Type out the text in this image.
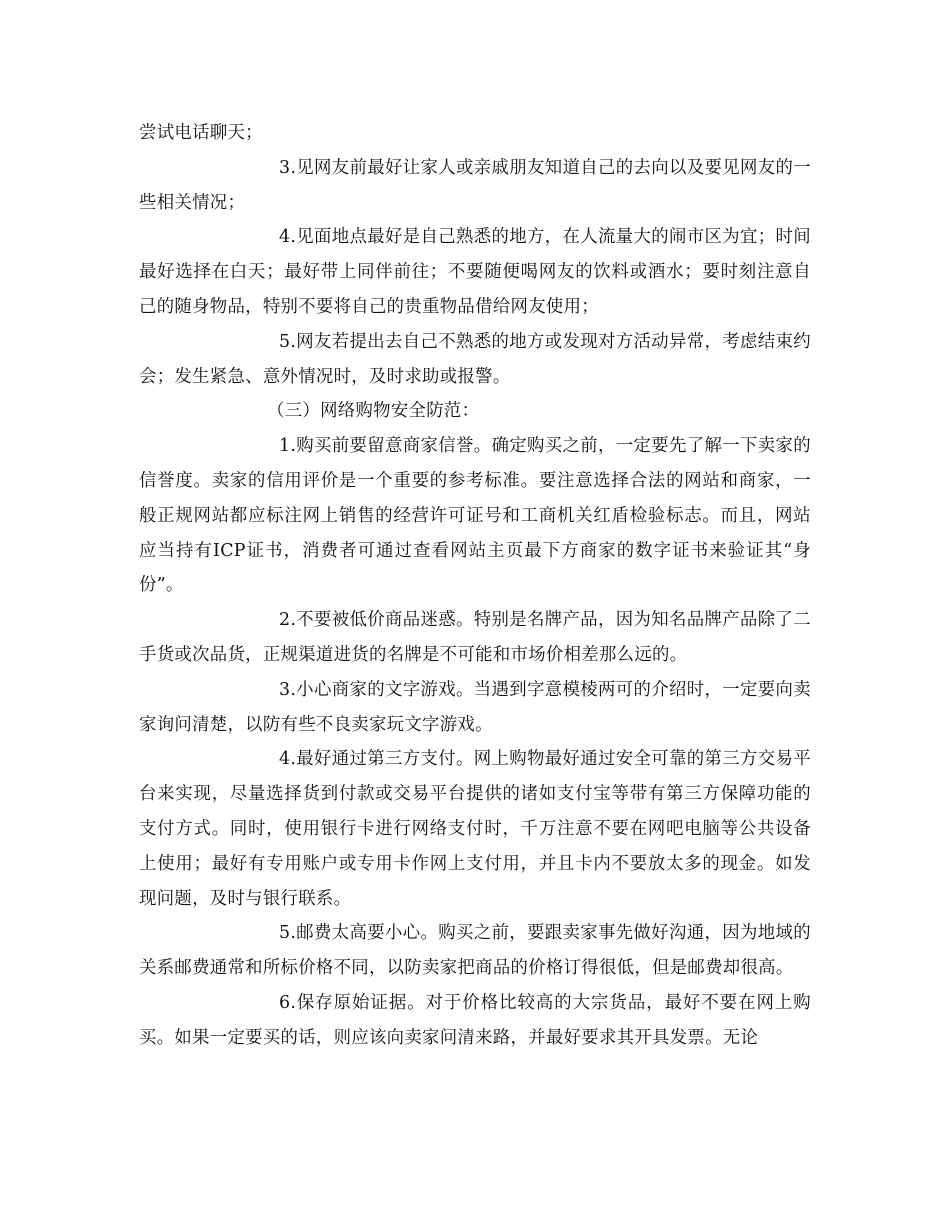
尝试电话聊天；

3.见网友前最好让家人或亲戚朋友知道自己的去向以及要见网友的一些相关情况；

4.见面地点最好是自己熟悉的地方，在人流量大的闹市区为宜；时间最好选择在白天；最好带上同伴前往；不要随便喝网友的饮料或酒水；要时刻注意自己的随身物品，特别不要将自己的贵重物品借给网友使用；

5.网友若提出去自己不熟悉的地方或发现对方活动异常，考虑结束约会；发生紧急、意外情况时，及时求助或报警。

（三）网络购物安全防范：

1.购买前要留意商家信誉。确定购买之前，一定要先了解一下卖家的信誉度。卖家的信用评价是一个重要的参考标准。要注意选择合法的网站和商家，一般正规网站都应标注网上销售的经营许可证号和工商机关红盾检验标志。而且，网站应当持有ICP证书，消费者可通过查看网站主页最下方商家的数字证书来验证其“身份”。

2.不要被低价商品迷惑。特别是名牌产品，因为知名品牌产品除了二手货或次品货，正规渠道进货的名牌是不可能和市场价相差那么远的。

3.小心商家的文字游戏。当遇到字意模棱两可的介绍时，一定要向卖家询问清楚，以防有些不良卖家玩文字游戏。

4.最好通过第三方支付。网上购物最好通过安全可靠的第三方交易平台来实现，尽量选择货到付款或交易平台提供的诸如支付宝等带有第三方保障功能的支付方式。同时，使用银行卡进行网络支付时，千万注意不要在网吧电脑等公共设备上使用；最好有专用账户或专用卡作网上支付用，并且卡内不要放太多的现金。如发现问题，及时与银行联系。

5.邮费太高要小心。购买之前，要跟卖家事先做好沟通，因为地域的关系邮费通常和所标价格不同，以防卖家把商品的价格订得很低，但是邮费却很高。

6.保存原始证据。对于价格比较高的大宗货品，最好不要在网上购买。如果一定要买的话，则应该向卖家问清来路，并最好要求其开具发票。无论
